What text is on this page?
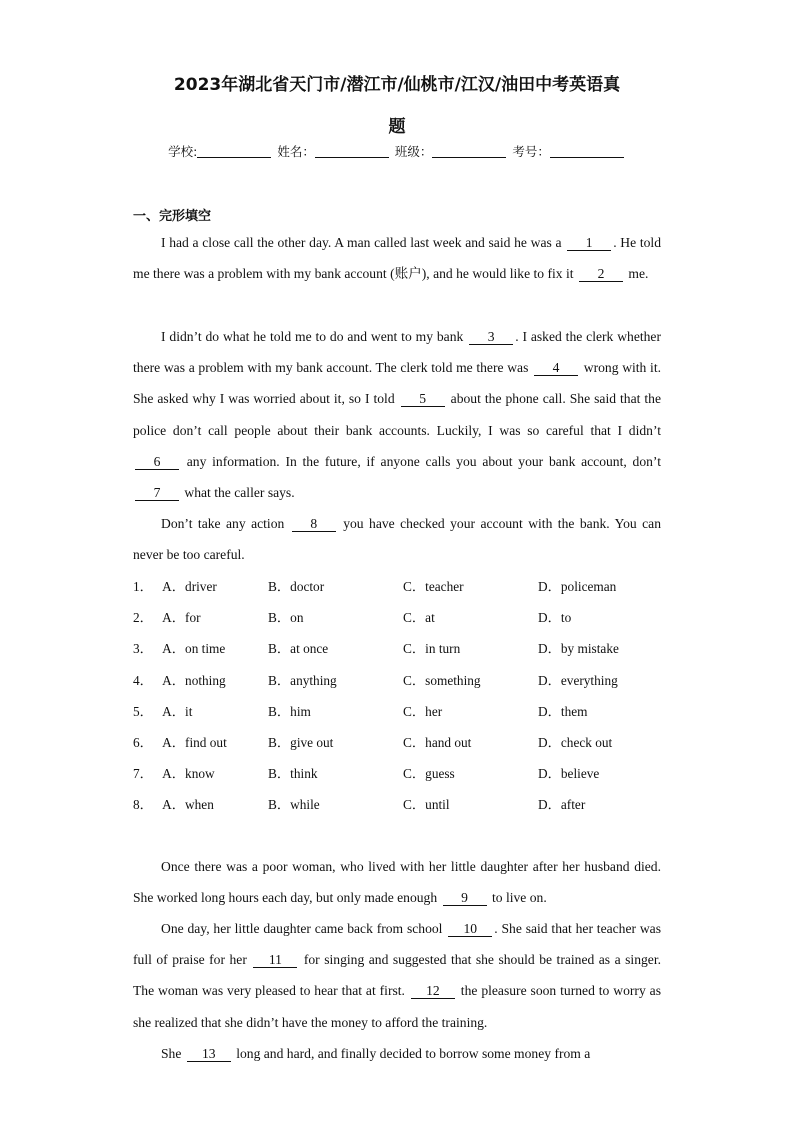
2023年湖北省天门市/潜江市/仙桃市/江汉/油田中考英语真
题
学校:	姓名：	班级：	考号：
一、完形填空

I had a close call the other day. A man called last week and said he was a 1 . He told me there was a problem with my bank account (账户), and he would like to fix it 2 me.

I didn’t do what he told me to do and went to my bank 3 . I asked the clerk whether there was a problem with my bank account. The clerk told me there was 4 wrong with it. She asked why I was worried about it, so I told 5 about the phone call. She said that the police don’t call people about their bank accounts. Luckily, I was so careful that I didn’t 6 any information. In the future, if anyone calls you about your bank account, don’t 7 what the caller says.

Don’t take any action 8 you have checked your account with the bank. You can never be too careful.

1． A．driver	B．doctor	C．teacher	D．policeman
2． A．for	B．on	C．at	D．to
3． A．on time	B．at once	C．in turn	D．by mistake
4． A．nothing	B．anything	C．something	D．everything
5． A．it	B．him	C．her	D．them
6． A．find out	B．give out	C．hand out	D．check out
7． A．know	B．think	C．guess	D．believe
8． A．when	B．while	C．until	D．after

Once there was a poor woman, who lived with her little daughter after her husband died. She worked long hours each day, but only made enough 9 to live on.

One day, her little daughter came back from school 10 . She said that her teacher was full of praise for her 11 for singing and suggested that she should be trained as a singer. The woman was very pleased to hear that at first. 12 the pleasure soon turned to worry as she realized that she didn’t have the money to afford the training.

She 13 long and hard, and finally decided to borrow some money from a
